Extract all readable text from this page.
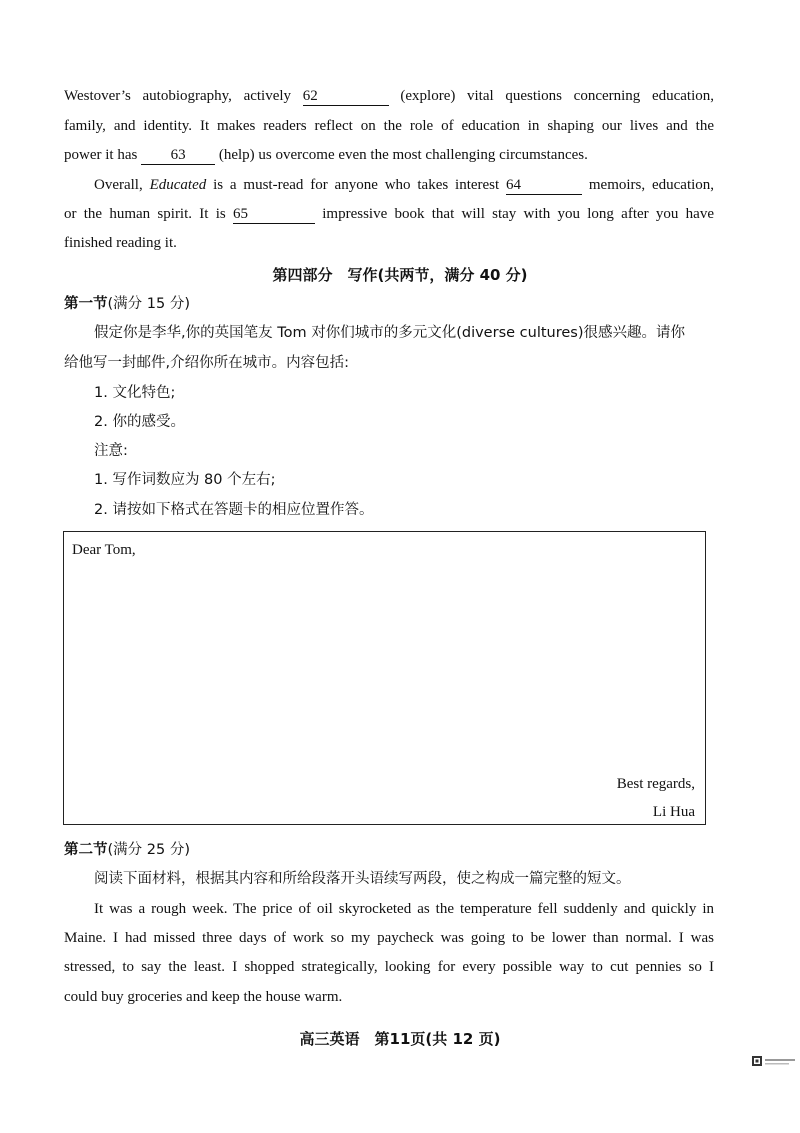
Westover’s autobiography, actively 62	(explore) vital questions concerning education,
family, and identity. It makes readers reflect on the role of education in shaping our lives and the
power it has 63 (help) us overcome even the most challenging circumstances.
Overall, Educated is a must-read for anyone who takes interest 64	memoirs, education,
or the human spirit. It is 65	impressive book that will stay with you long after you have
finished reading it.
第四部分　写作(共两节，满分 40 分)
第一节(满分 15 分)
假定你是李华,你的英国笔友 Tom 对你们城市的多元文化(diverse cultures)很感兴趣。请你
给他写一封邮件,介绍你所在城市。内容包括:
1. 文化特色;
2. 你的感受。
注意:
1. 写作词数应为 80 个左右;
2. 请按如下格式在答题卡的相应位置作答。
Dear Tom,
Best regards,
Li Hua
第二节(满分 25 分)
阅读下面材料，根据其内容和所给段落开头语续写两段，使之构成一篇完整的短文。
It was a rough week. The price of oil skyrocketed as the temperature fell suddenly and quickly in
Maine. I had missed three days of work so my paycheck was going to be lower than normal. I was
stressed, to say the least. I shopped strategically, looking for every possible way to cut pennies so I
could buy groceries and keep the house warm.
高三英语　第11页(共 12 页)
